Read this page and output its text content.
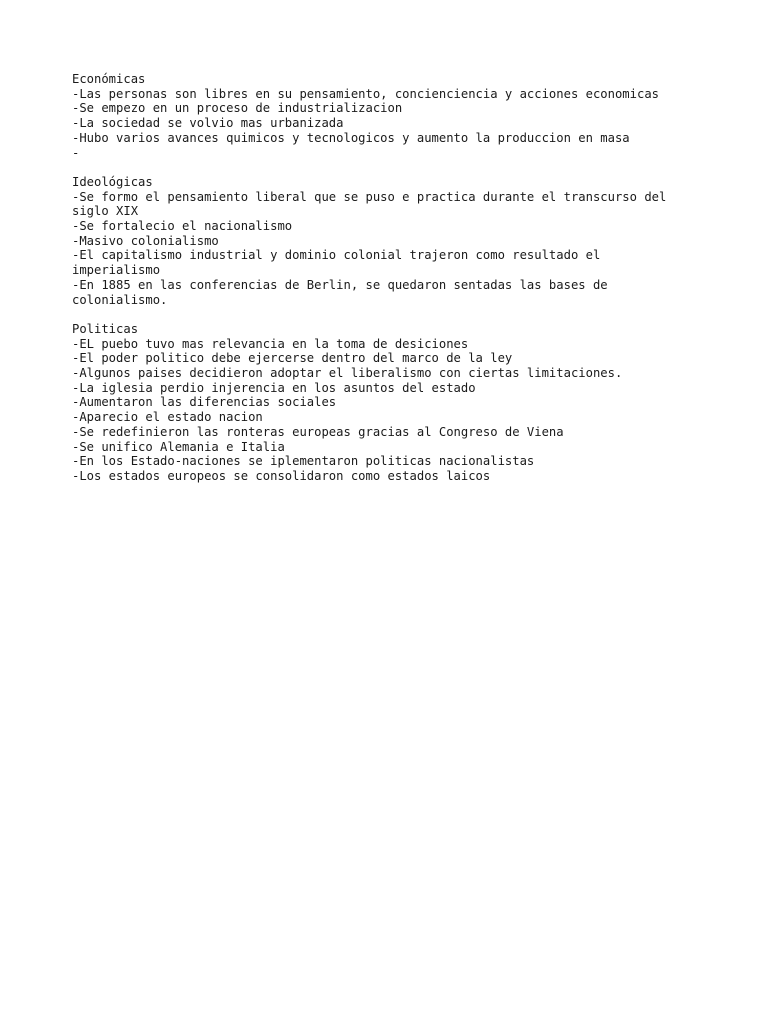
Económicas
-Las personas son libres en su pensamiento, concienciencia y acciones economicas
-Se empezo en un proceso de industrializacion
-La sociedad se volvio mas urbanizada
-Hubo varios avances quimicos y tecnologicos y aumento la produccion en masa
-
Ideológicas
-Se formo el pensamiento liberal que se puso e practica durante el transcurso del siglo XIX
-Se fortalecio el nacionalismo
-Masivo colonialismo
-El capitalismo industrial y dominio colonial trajeron como resultado el imperialismo
-En 1885 en las conferencias de Berlin, se quedaron sentadas las bases de colonialismo.
Politicas
-EL puebo tuvo mas relevancia en la toma de desiciones
-El poder politico debe ejercerse dentro del marco de la ley
-Algunos paises decidieron adoptar el liberalismo con ciertas limitaciones.
-La iglesia perdio injerencia en los asuntos del estado
-Aumentaron las diferencias sociales
-Aparecio el estado nacion
-Se redefinieron las ronteras europeas gracias al Congreso de Viena
-Se unifico Alemania e Italia
-En los Estado-naciones se iplementaron politicas nacionalistas
-Los estados europeos se consolidaron como estados laicos
